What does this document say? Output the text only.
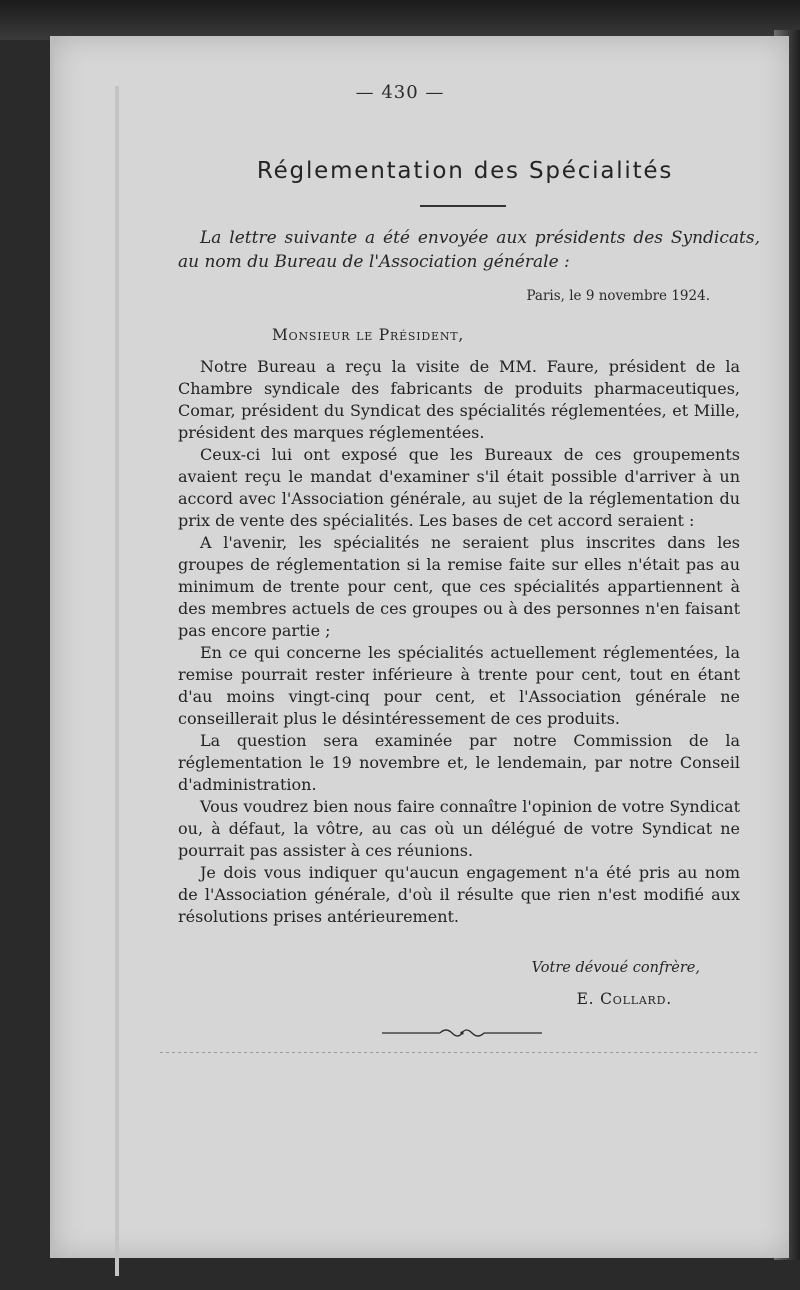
— 430 —
Réglementation des Spécialités
La lettre suivante a été envoyée aux présidents des Syndicats, au nom du Bureau de l'Association générale :
Paris, le 9 novembre 1924.
Monsieur le Président,

Notre Bureau a reçu la visite de MM. Faure, président de la Chambre syndicale des fabricants de produits pharmaceutiques, Comar, président du Syndicat des spécialités réglementées, et Mille, président des marques réglementées.

Ceux-ci lui ont exposé que les Bureaux de ces groupements avaient reçu le mandat d'examiner s'il était possible d'arriver à un accord avec l'Association générale, au sujet de la réglementation du prix de vente des spécialités. Les bases de cet accord seraient :

A l'avenir, les spécialités ne seraient plus inscrites dans les groupes de réglementation si la remise faite sur elles n'était pas au minimum de trente pour cent, que ces spécialités appartiennent à des membres actuels de ces groupes ou à des personnes n'en faisant pas encore partie ;

En ce qui concerne les spécialités actuellement réglementées, la remise pourrait rester inférieure à trente pour cent, tout en étant d'au moins vingt-cinq pour cent, et l'Association générale ne conseillerait plus le désintéressement de ces produits.

La question sera examinée par notre Commission de la réglementation le 19 novembre et, le lendemain, par notre Conseil d'administration.

Vous voudrez bien nous faire connaître l'opinion de votre Syndicat ou, à défaut, la vôtre, au cas où un délégué de votre Syndicat ne pourrait pas assister à ces réunions.

Je dois vous indiquer qu'aucun engagement n'a été pris au nom de l'Association générale, d'où il résulte que rien n'est modifié aux résolutions prises antérieurement.

Votre dévoué confrère,
E. Collard.
